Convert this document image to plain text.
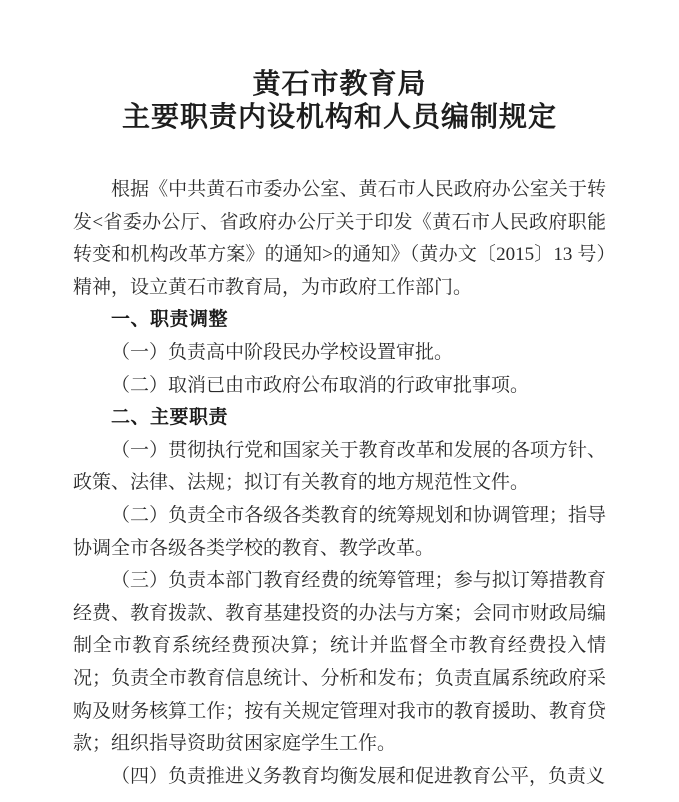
黄石市教育局
主要职责内设机构和人员编制规定

根据《中共黄石市委办公室、黄石市人民政府办公室关于转发<省委办公厅、省政府办公厅关于印发《黄石市人民政府职能转变和机构改革方案》的通知>的通知》（黄办文〔2015〕13 号）精神，设立黄石市教育局，为市政府工作部门。

一、职责调整

（一）负责高中阶段民办学校设置审批。

（二）取消已由市政府公布取消的行政审批事项。

二、主要职责

（一）贯彻执行党和国家关于教育改革和发展的各项方针、政策、法律、法规；拟订有关教育的地方规范性文件。

（二）负责全市各级各类教育的统筹规划和协调管理；指导协调全市各级各类学校的教育、教学改革。

（三）负责本部门教育经费的统筹管理；参与拟订筹措教育经费、教育拨款、教育基建投资的办法与方案；会同市财政局编制全市教育系统经费预决算；统计并监督全市教育经费投入情况；负责全市教育信息统计、分析和发布；负责直属系统政府采购及财务核算工作；按有关规定管理对我市的教育援助、教育贷款；组织指导资助贫困家庭学生工作。

（四）负责推进义务教育均衡发展和促进教育公平，负责义
